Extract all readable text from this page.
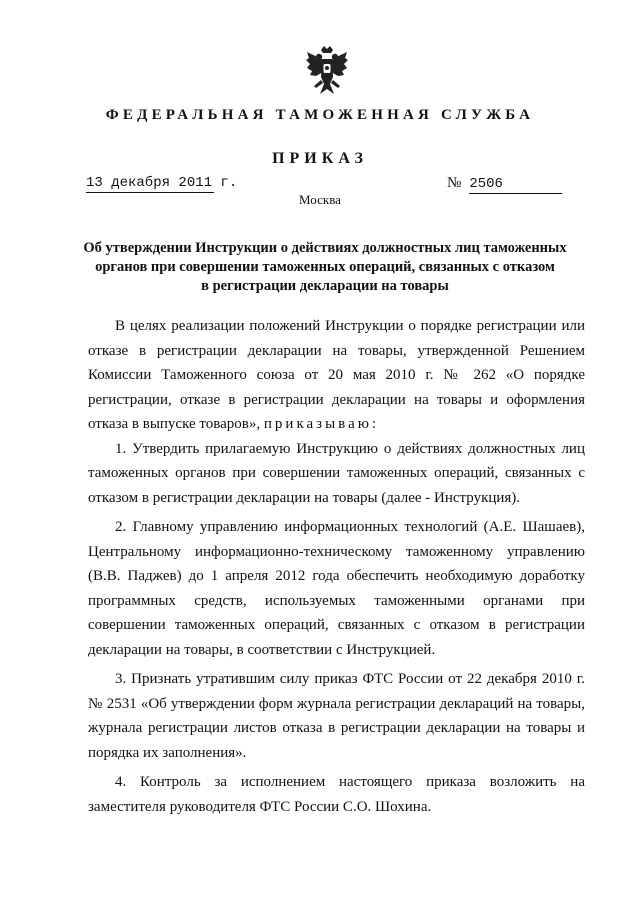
ФЕДЕРАЛЬНАЯ ТАМОЖЕННАЯ СЛУЖБА
ПРИКАЗ
13 декабря 2011 г.	№ 2506
Москва
Об утверждении Инструкции о действиях должностных лиц таможенных
органов при совершении таможенных операций, связанных с отказом
в регистрации декларации на товары

В целях реализации положений Инструкции о порядке регистрации или отказе в регистрации декларации на товары, утвержденной Решением Комиссии Таможенного союза от 20 мая 2010 г. № 262 «О порядке регистрации, отказе в регистрации декларации на товары и оформления отказа в выпуске товаров», приказываю:

1. Утвердить прилагаемую Инструкцию о действиях должностных лиц таможенных органов при совершении таможенных операций, связанных с отказом в регистрации декларации на товары (далее - Инструкция).

2. Главному управлению информационных технологий (А.Е. Шашаев), Центральному информационно-техническому таможенному управлению (В.В. Паджев) до 1 апреля 2012 года обеспечить необходимую доработку программных средств, используемых таможенными органами при совершении таможенных операций, связанных с отказом в регистрации декларации на товары, в соответствии с Инструкцией.

3. Признать утратившим силу приказ ФТС России от 22 декабря 2010 г. № 2531 «Об утверждении форм журнала регистрации деклараций на товары, журнала регистрации листов отказа в регистрации декларации на товары и порядка их заполнения».

4. Контроль за исполнением настоящего приказа возложить на заместителя руководителя ФТС России С.О. Шохина.
